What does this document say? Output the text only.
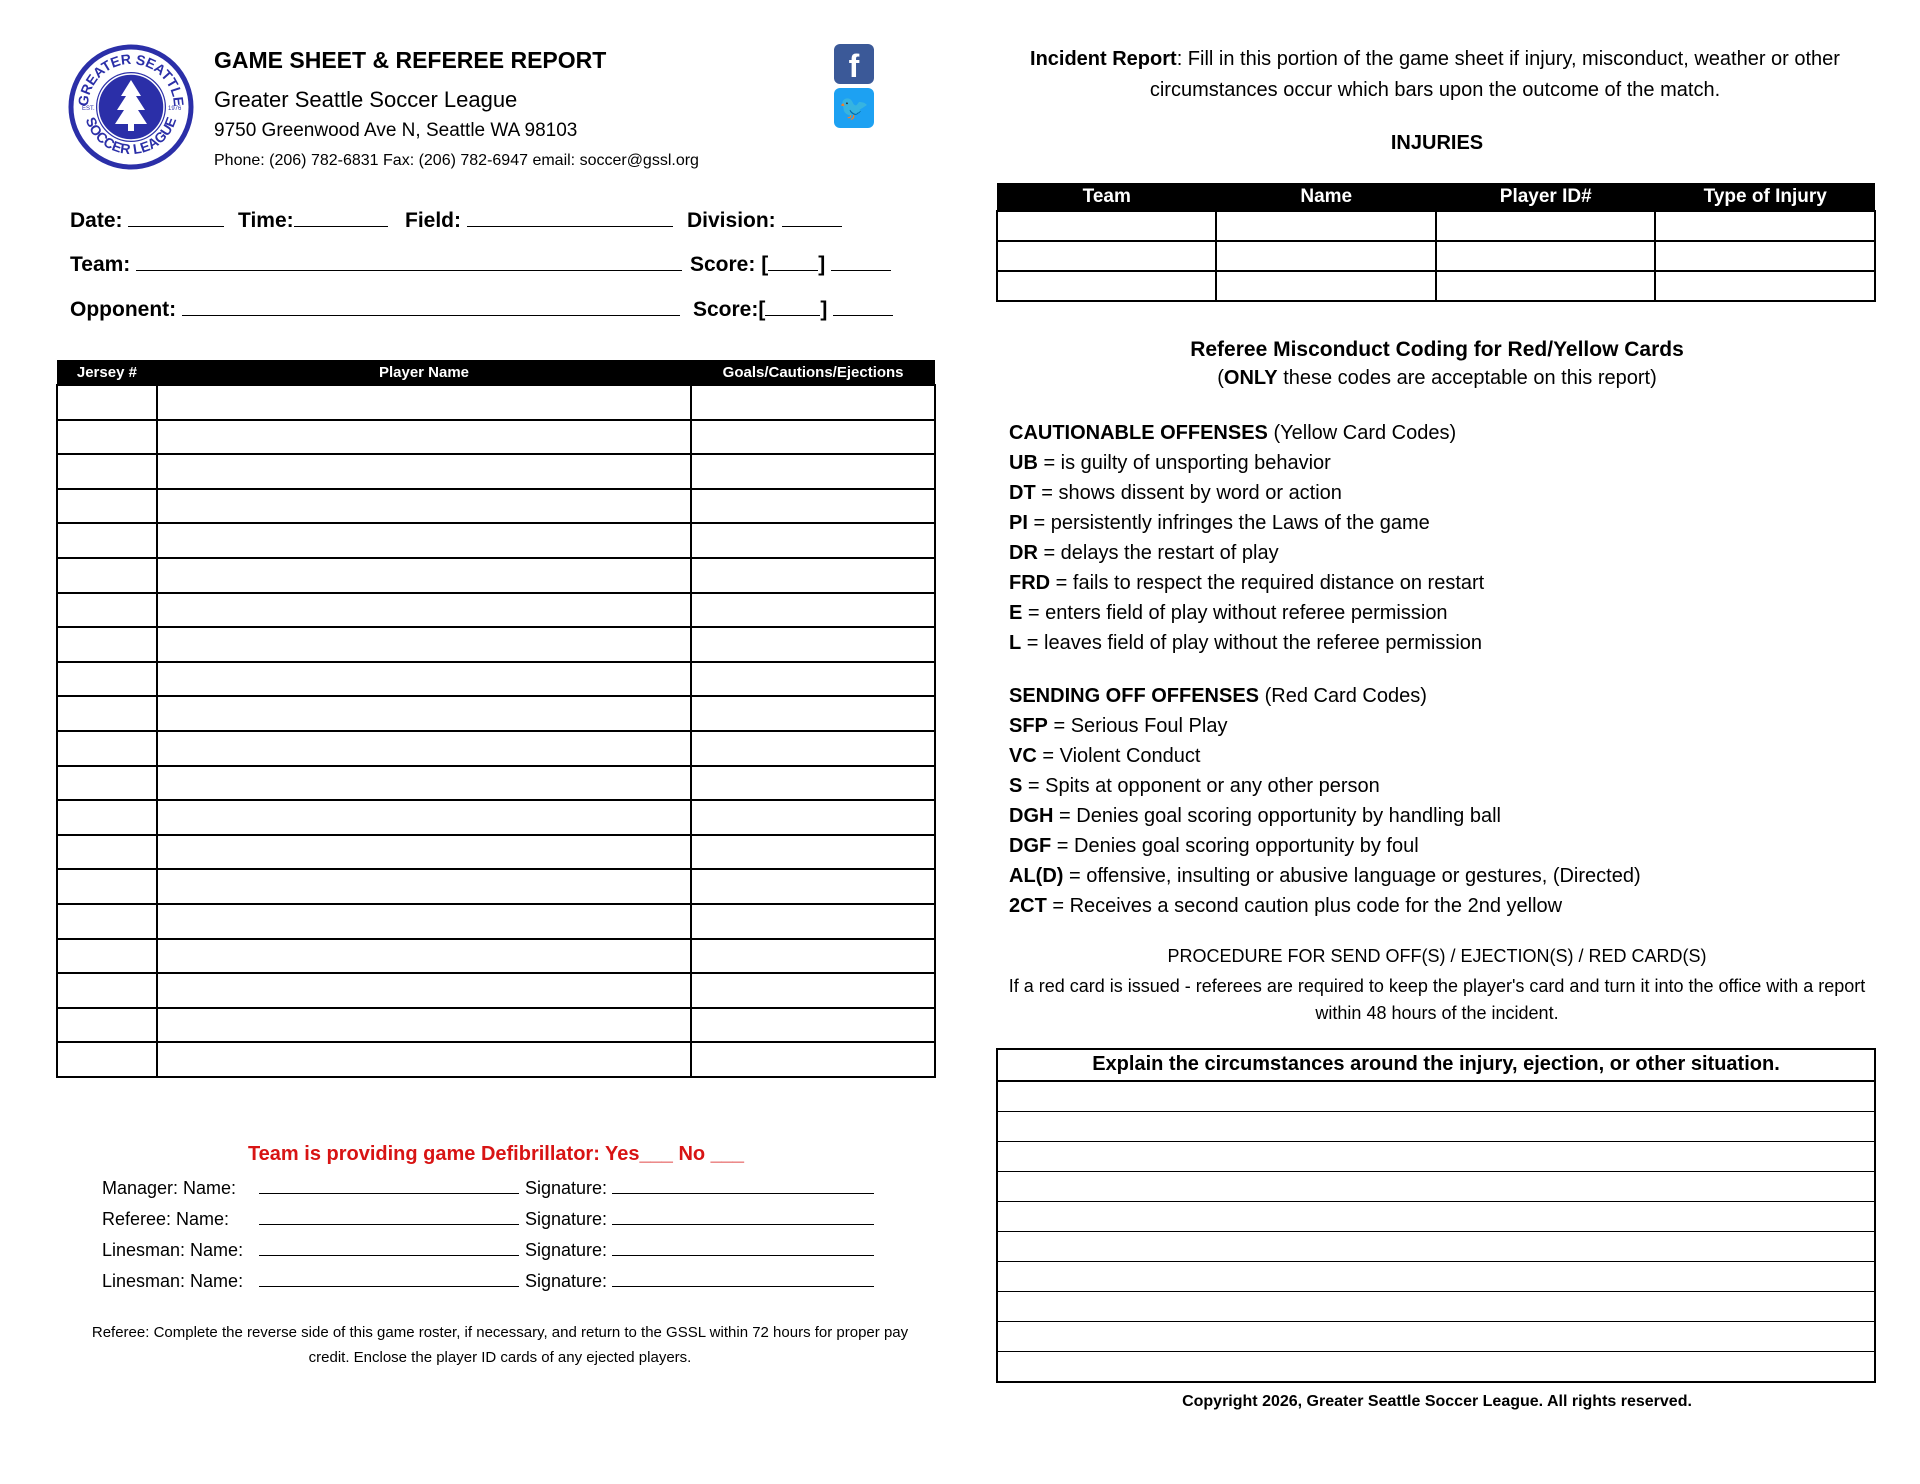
GREATER SEATTLE
SOCCER LEAGUE
EST.	1976
GAME SHEET & REFEREE REPORT
Greater Seattle Soccer League
9750 Greenwood Ave N, Seattle WA 98103
Phone: (206) 782-6831 Fax: (206) 782-6947 email: soccer@gssl.org
f
🐦
Date:	Time:	Field:	Division:
Team:	Score: [ ]
Opponent:	Score:[	]
Jersey #	Player Name	Goals/Cautions/Ejections

Team is providing game Defibrillator: Yes___ No ___
Manager: Name:	Signature:
Referee: Name:	Signature:
Linesman: Name:	Signature:
Linesman: Name:	Signature:
Referee: Complete the reverse side of this game roster, if necessary, and return to the GSSL within 72 hours for proper pay credit. Enclose the player ID cards of any ejected players.
Incident Report: Fill in this portion of the game sheet if injury, misconduct, weather or other circumstances occur which bars upon the outcome of the match.
INJURIES
Team	Name	Player ID#	Type of Injury

Referee Misconduct Coding for Red/Yellow Cards
(ONLY these codes are acceptable on this report)
CAUTIONABLE OFFENSES (Yellow Card Codes)
UB = is guilty of unsporting behavior
DT = shows dissent by word or action
PI = persistently infringes the Laws of the game
DR = delays the restart of play
FRD = fails to respect the required distance on restart
E = enters field of play without referee permission
L = leaves field of play without the referee permission
SENDING OFF OFFENSES (Red Card Codes)
SFP = Serious Foul Play
VC = Violent Conduct
S = Spits at opponent or any other person
DGH = Denies goal scoring opportunity by handling ball
DGF = Denies goal scoring opportunity by foul
AL(D) = offensive, insulting or abusive language or gestures, (Directed)
2CT = Receives a second caution plus code for the 2nd yellow
PROCEDURE FOR SEND OFF(S) / EJECTION(S) / RED CARD(S)
If a red card is issued - referees are required to keep the player's card and turn it into the office with a report within 48 hours of the incident.
Explain the circumstances around the injury, ejection, or other situation.
Copyright 2026, Greater Seattle Soccer League. All rights reserved.
